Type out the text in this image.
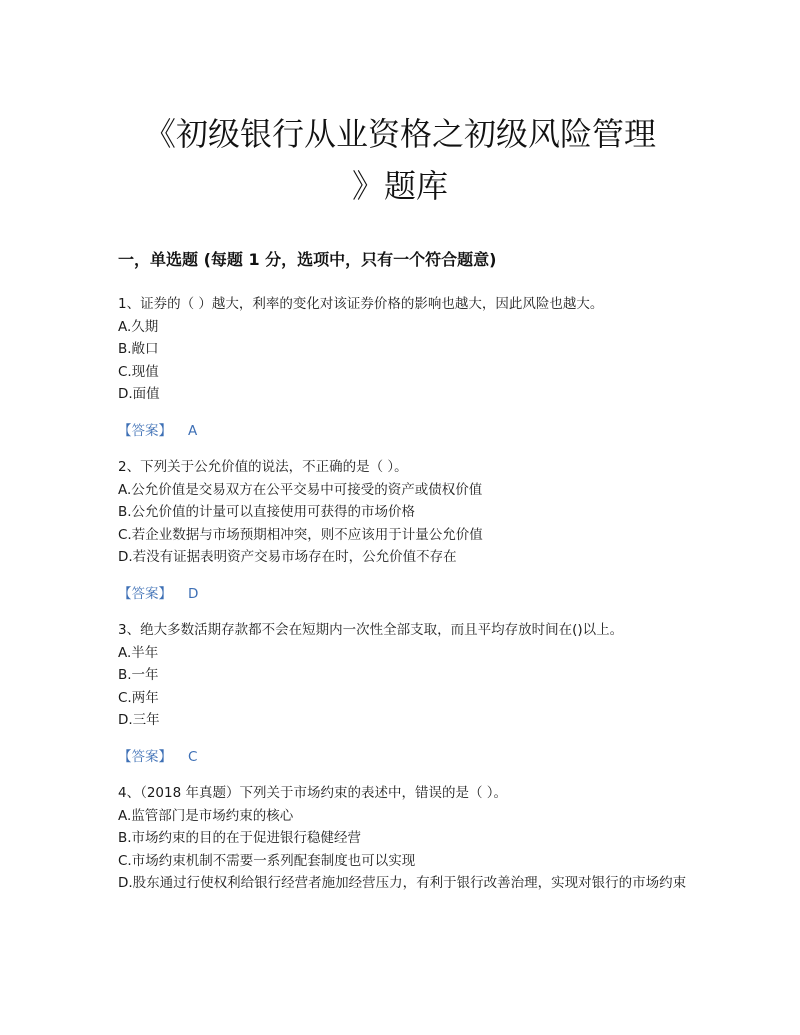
《初级银行从业资格之初级风险管理
》题库
一，单选题 (每题 1 分，选项中，只有一个符合题意)

1、证券的（ ）越大，利率的变化对该证券价格的影响也越大，因此风险也越大。

A.久期

B.敞口

C.现值

D.面值

【答案】 A

2、下列关于公允价值的说法，不正确的是（ ）。

A.公允价值是交易双方在公平交易中可接受的资产或债权价值

B.公允价值的计量可以直接使用可获得的市场价格

C.若企业数据与市场预期相冲突，则不应该用于计量公允价值

D.若没有证据表明资产交易市场存在时，公允价值不存在

【答案】 D

3、绝大多数活期存款都不会在短期内一次性全部支取，而且平均存放时间在()以上。

A.半年

B.一年

C.两年

D.三年

【答案】 C

4、（2018 年真题）下列关于市场约束的表述中，错误的是（ ）。

A.监管部门是市场约束的核心

B.市场约束的目的在于促进银行稳健经营

C.市场约束机制不需要一系列配套制度也可以实现

D.股东通过行使权利给银行经营者施加经营压力，有利于银行改善治理，实现对银行的市场约束
